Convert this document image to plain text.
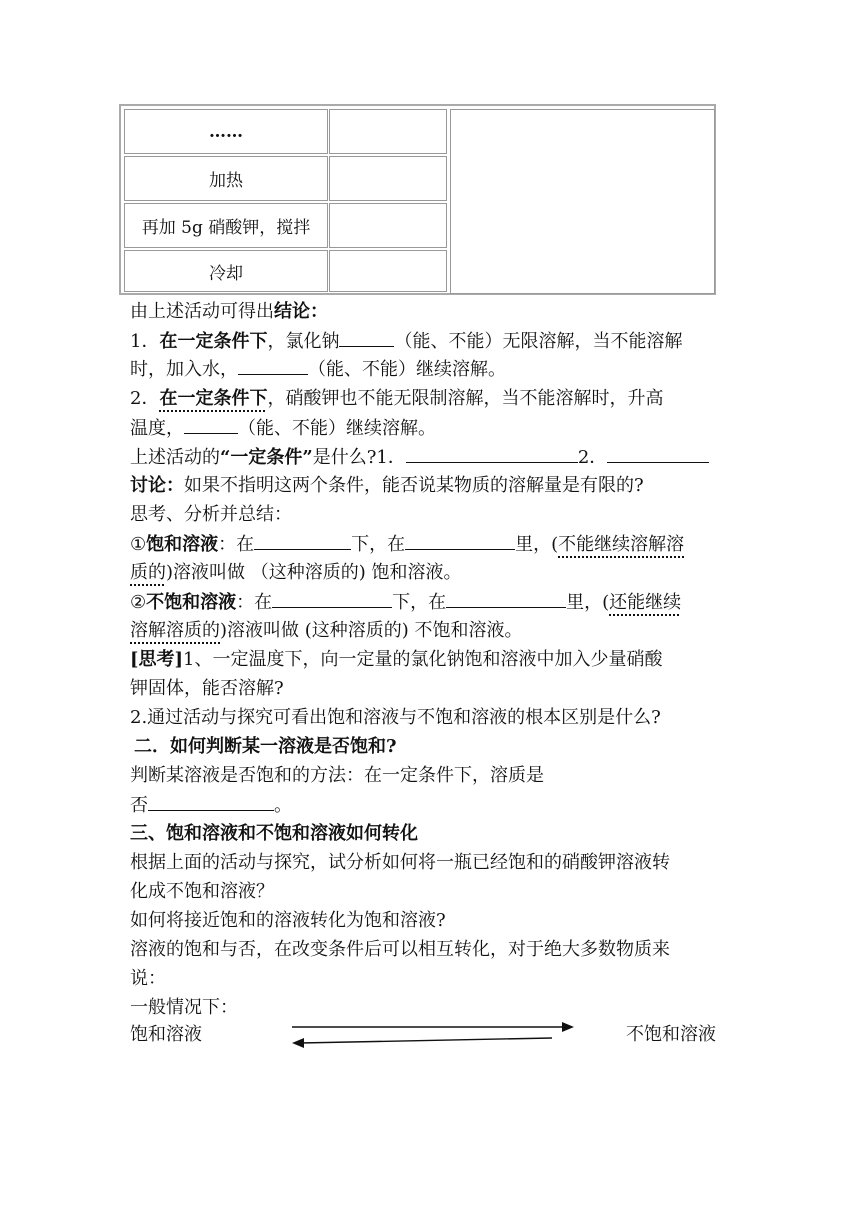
……
加热
再加 5g 硝酸钾，搅拌
冷却
由上述活动可得出结论：
1．在一定条件下，氯化钠	（能、不能）无限溶解，当不能溶解
时，加入水，	（能、不能）继续溶解。
2．在一定条件下，硝酸钾也不能无限制溶解，当不能溶解时，升高
温度，	（能、不能）继续溶解。
上述活动的“一定条件”是什么?1．	2．
讨论：如果不指明这两个条件，能否说某物质的溶解量是有限的?
思考、分析并总结：
①饱和溶液：在	下，在	里，(不能继续溶解溶
质的)溶液叫做 （这种溶质的) 饱和溶液。
②不饱和溶液：在	下，在	里，(还能继续
溶解溶质的)溶液叫做 (这种溶质的) 不饱和溶液。
[思考]1、一定温度下，向一定量的氯化钠饱和溶液中加入少量硝酸
钾固体，能否溶解?
2.通过活动与探究可看出饱和溶液与不饱和溶液的根本区别是什么?
二．如何判断某一溶液是否饱和?
判断某溶液是否饱和的方法：在一定条件下，溶质是
否	。
三、饱和溶液和不饱和溶液如何转化
根据上面的活动与探究，试分析如何将一瓶已经饱和的硝酸钾溶液转
化成不饱和溶液？
如何将接近饱和的溶液转化为饱和溶液?
溶液的饱和与否，在改变条件后可以相互转化，对于绝大多数物质来
说：
一般情况下：
饱和溶液	不饱和溶液
